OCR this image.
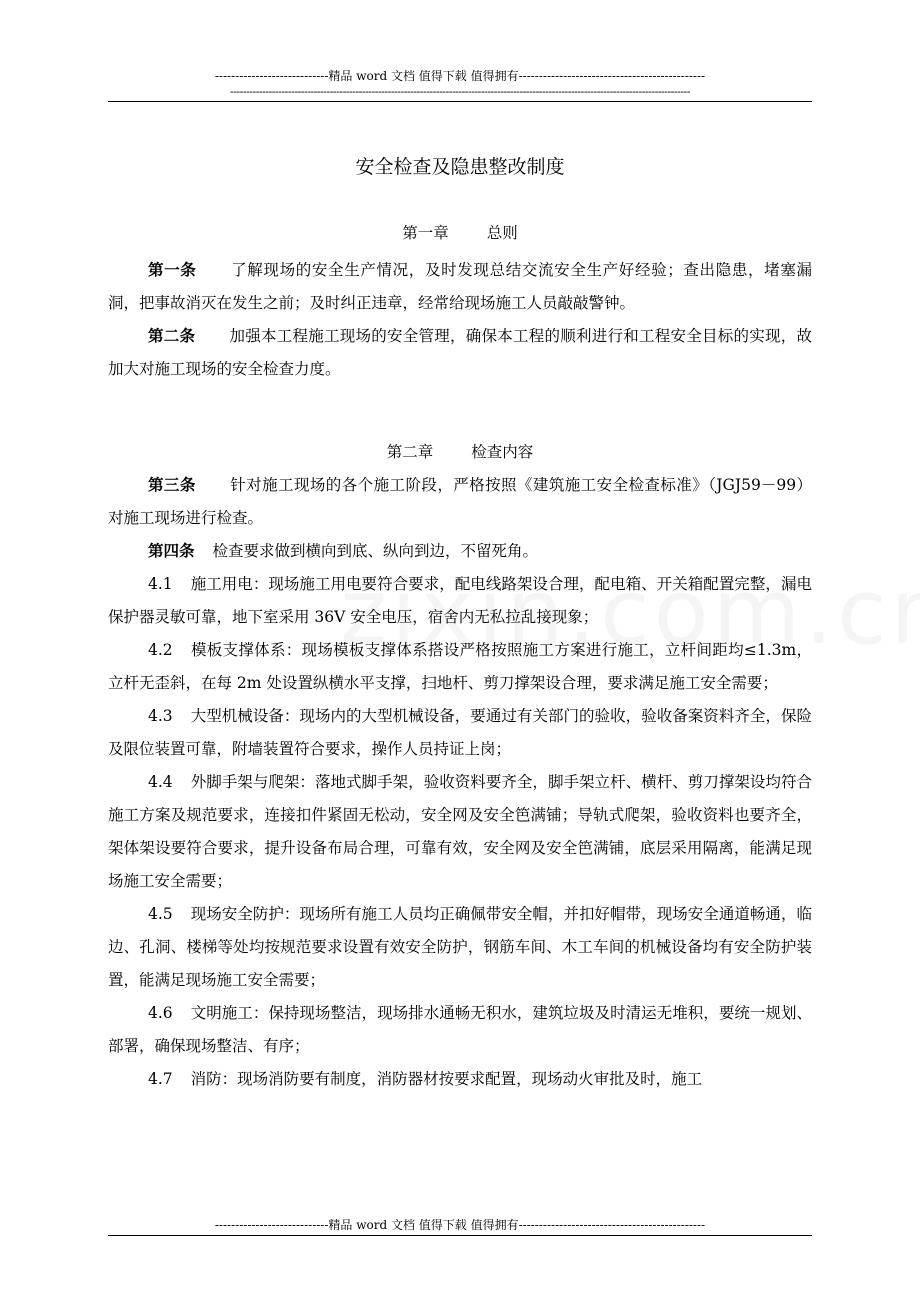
----------------------------精品 word 文档 值得下载 值得拥有----------------------------------------------
-----------------------------------------------------------------------------------------------------------------------------------------------
安全检查及隐患整改制度
第一章 总则

第一条 了解现场的安全生产情况，及时发现总结交流安全生产好经验；查出隐患，堵塞漏洞，把事故消灭在发生之前；及时纠正违章，经常给现场施工人员敲敲警钟。

第二条 加强本工程施工现场的安全管理，确保本工程的顺利进行和工程安全目标的实现，故加大对施工现场的安全检查力度。

第二章 检查内容

第三条 针对施工现场的各个施工阶段，严格按照《建筑施工安全检查标准》（JGJ59－99）对施工现场进行检查。

第四条 检查要求做到横向到底、纵向到边，不留死角。

4.1 施工用电：现场施工用电要符合要求，配电线路架设合理，配电箱、开关箱配置完整，漏电保护器灵敏可靠，地下室采用 36V 安全电压，宿舍内无私拉乱接现象；

4.2 模板支撑体系：现场模板支撑体系搭设严格按照施工方案进行施工，立杆间距均≤1.3m，立杆无歪斜，在每 2m 处设置纵横水平支撑，扫地杆、剪刀撑架设合理，要求满足施工安全需要；

4.3 大型机械设备：现场内的大型机械设备，要通过有关部门的验收，验收备案资料齐全，保险及限位装置可靠，附墙装置符合要求，操作人员持证上岗；

4.4 外脚手架与爬架：落地式脚手架，验收资料要齐全，脚手架立杆、横杆、剪刀撑架设均符合施工方案及规范要求，连接扣件紧固无松动，安全网及安全笆满铺；导轨式爬架，验收资料也要齐全，架体架设要符合要求，提升设备布局合理，可靠有效，安全网及安全笆满铺，底层采用隔离，能满足现场施工安全需要；

4.5 现场安全防护：现场所有施工人员均正确佩带安全帽，并扣好帽带，现场安全通道畅通，临边、孔洞、楼梯等处均按规范要求设置有效安全防护，钢筋车间、木工车间的机械设备均有安全防护装置，能满足现场施工安全需要；

4.6 文明施工：保持现场整洁，现场排水通畅无积水，建筑垃圾及时清运无堆积，要统一规划、部署，确保现场整洁、有序；

4.7 消防：现场消防要有制度，消防器材按要求配置，现场动火审批及时，施工

----------------------------精品 word 文档 值得下载 值得拥有----------------------------------------------
